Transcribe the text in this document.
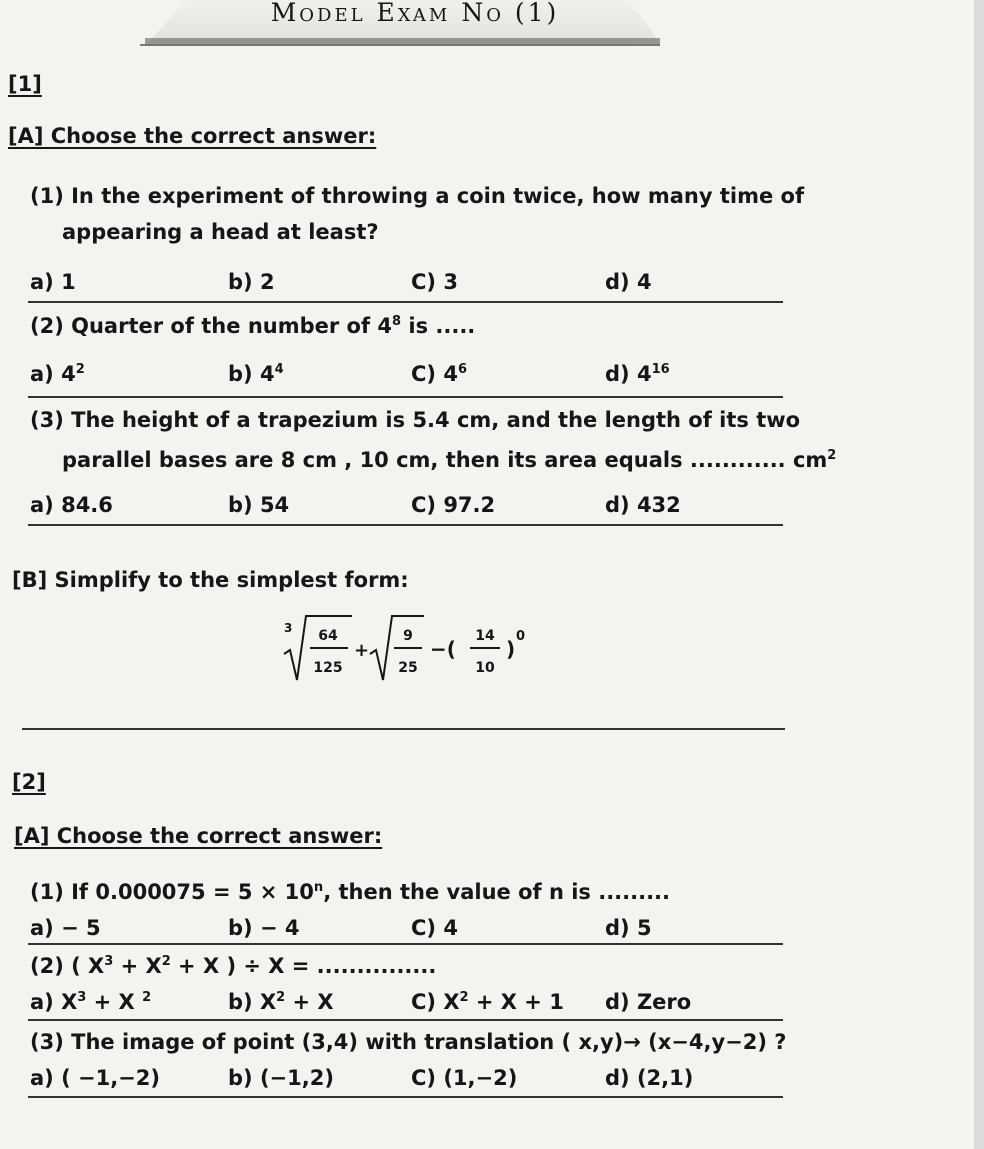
Model Exam No (1)
[1]
[A] Choose the correct answer:
(1) In the experiment of throwing a coin twice, how many time of
appearing a head at least?
a) 1	b) 2	C) 3	d) 4
(2) Quarter of the number of $4^8$ is .....
a) $4^2$	b) $4^4$	C) $4^6$	d) $4^{16}$
(3) The height of a trapezium is 5.4 cm, and the length of its two
parallel bases are 8 cm , 10 cm, then its area equals ............ $cm^2$
a) 84.6	b) 54	C) 97.2	d) 432
[B] Simplify to the simplest form:
3 64
125
+
9
25
−(
14
10
)
0
[2]
[A] Choose the correct answer:
(1) If $0.000075 = 5 \times 10^n$, then the value of n is .........
a) − 5	b) − 4	C) 4	d) 5
(2) ( $X^3 + X^2 + X$ ) ÷ X = ...............
a) $X^3 + X$ $^2$	b) $X^2 + X$	C) $X^2 + X + 1$ d) Zero
(3) The image of point (3,4) with translation ( x,y)→ (x−4,y−2) ?
a) ( −1,−2)	b) (−1,2)	C) (1,−2)	d) (2,1)
